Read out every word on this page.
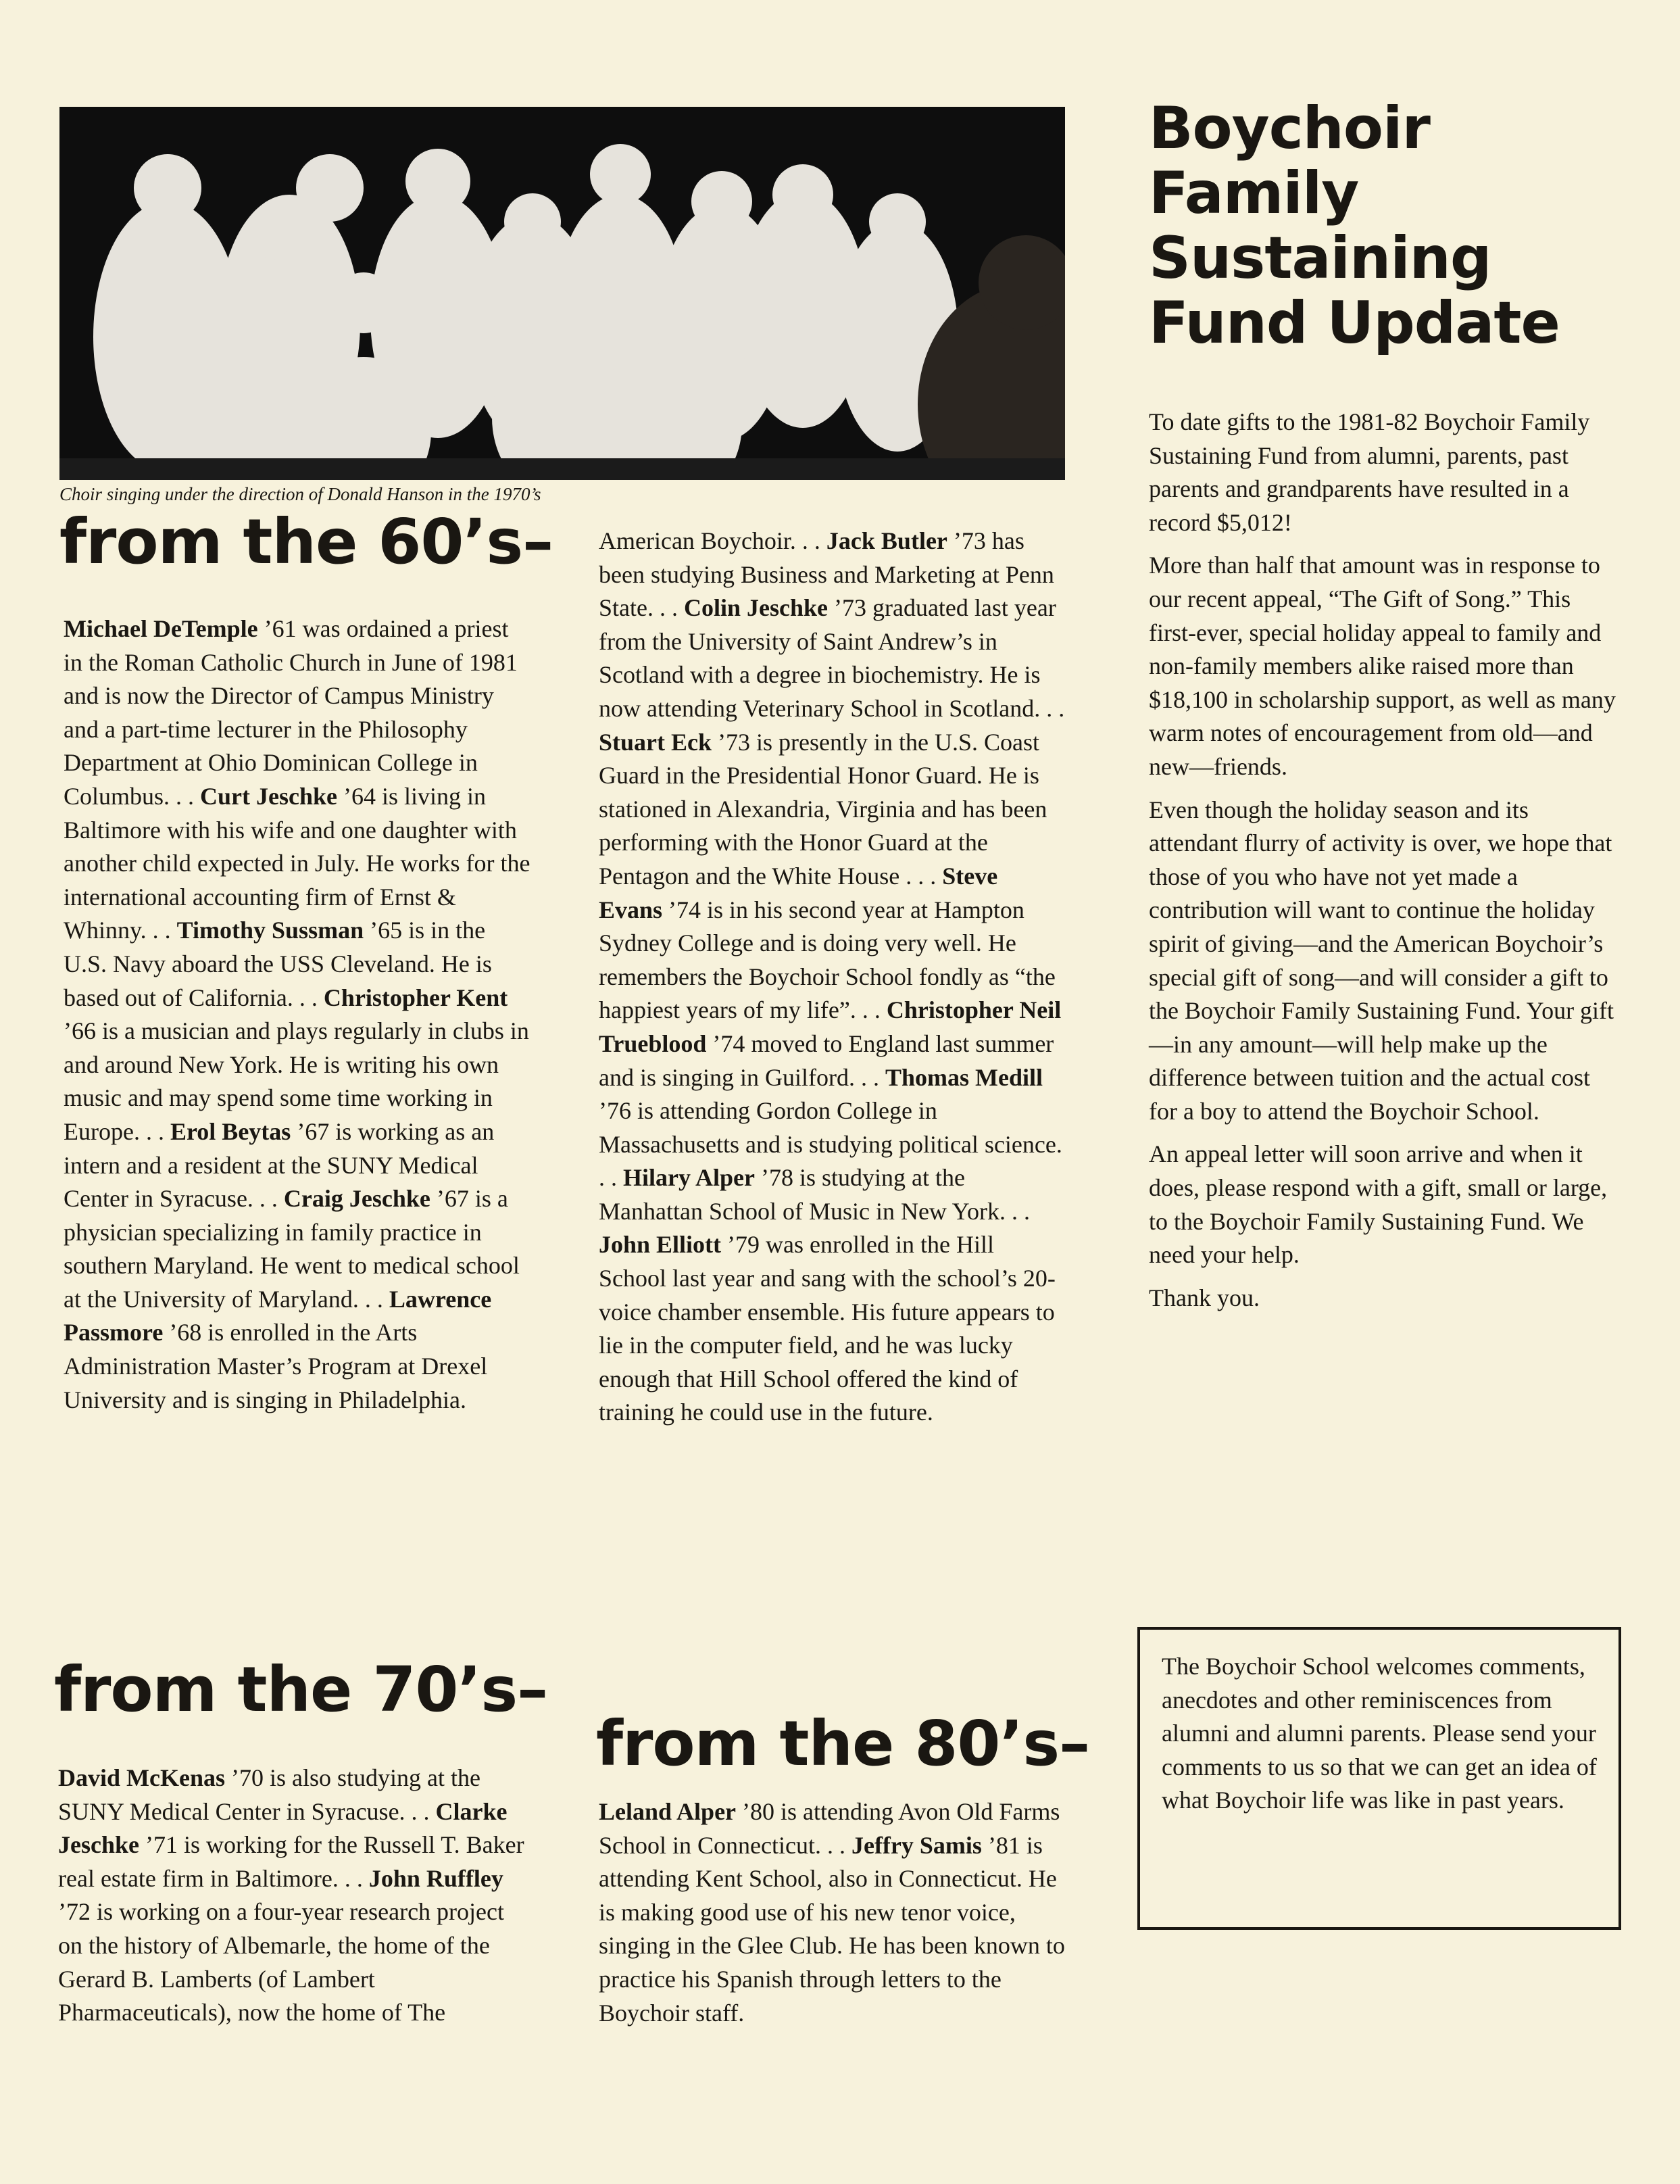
Choir singing under the direction of Donald Hanson in the 1970’s
from the 60’s–
from the 70’s–
from the 80’s–

Michael DeTemple ’61 was ordained a priest in the Roman Catholic Church in June of 1981 and is now the Director of Campus Ministry and a part-time lecturer in the Philosophy Department at Ohio Dominican College in Columbus. . . Curt Jeschke ’64 is living in Baltimore with his wife and one daughter with another child expected in July. He works for the international accounting firm of Ernst & Whinny. . . Timothy Sussman ’65 is in the U.S. Navy aboard the USS Cleveland. He is based out of California. . . Christopher Kent ’66 is a musician and plays regularly in clubs in and around New York. He is writing his own music and may spend some time working in Europe. . . Erol Beytas ’67 is working as an intern and a resident at the SUNY Medical Center in Syracuse. . . Craig Jeschke ’67 is a physician specializing in family practice in southern Maryland. He went to medical school at the University of Maryland. . . Lawrence Passmore ’68 is enrolled in the Arts Administration Master’s Program at Drexel University and is singing in Philadelphia.

David McKenas ’70 is also studying at the SUNY Medical Center in Syracuse. . . Clarke Jeschke ’71 is working for the Russell T. Baker real estate firm in Baltimore. . . John Ruffley ’72 is working on a four-year research project on the history of Albemarle, the home of the Gerard B. Lamberts (of Lambert Pharmaceuticals), now the home of The

American Boychoir. . . Jack Butler ’73 has been studying Business and Marketing at Penn State. . . Colin Jeschke ’73 graduated last year from the University of Saint Andrew’s in Scotland with a degree in biochemistry. He is now attending Veterinary School in Scotland. . . Stuart Eck ’73 is presently in the U.S. Coast Guard in the Presidential Honor Guard. He is stationed in Alexandria, Virginia and has been performing with the Honor Guard at the Pentagon and the White House . . . Steve Evans ’74 is in his second year at Hampton Sydney College and is doing very well. He remembers the Boychoir School fondly as “the happiest years of my life”. . . Christopher Neil Trueblood ’74 moved to England last summer and is singing in Guilford. . . Thomas Medill ’76 is attending Gordon College in Massachusetts and is studying political science. . . Hilary Alper ’78 is studying at the Manhattan School of Music in New York. . . John Elliott ’79 was enrolled in the Hill School last year and sang with the school’s 20-voice chamber ensemble. His future appears to lie in the computer field, and he was lucky enough that Hill School offered the kind of training he could use in the future.

Leland Alper ’80 is attending Avon Old Farms School in Connecticut. . . Jeffry Samis ’81 is attending Kent School, also in Connecticut. He is making good use of his new tenor voice, singing in the Glee Club. He has been known to practice his Spanish through letters to the Boychoir staff.

Boychoir
Family
Sustaining
Fund Update

To date gifts to the 1981-82 Boychoir Family Sustaining Fund from alumni, parents, past parents and grandparents have resulted in a record $5,012!

More than half that amount was in response to our recent appeal, “The Gift of Song.” This first-ever, special holiday appeal to family and non-family members alike raised more than $18,100 in scholarship support, as well as many warm notes of encouragement from old—and new—friends.

Even though the holiday season and its attendant flurry of activity is over, we hope that those of you who have not yet made a contribution will want to continue the holiday spirit of giving—and the American Boychoir’s special gift of song—and will consider a gift to the Boychoir Family Sustaining Fund. Your gift—in any amount—will help make up the difference between tuition and the actual cost for a boy to attend the Boychoir School.

An appeal letter will soon arrive and when it does, please respond with a gift, small or large, to the Boychoir Family Sustaining Fund. We need your help.

Thank you.

The Boychoir School welcomes comments, anecdotes and other reminiscences from alumni and alumni parents. Please send your comments to us so that we can get an idea of what Boychoir life was like in past years.
